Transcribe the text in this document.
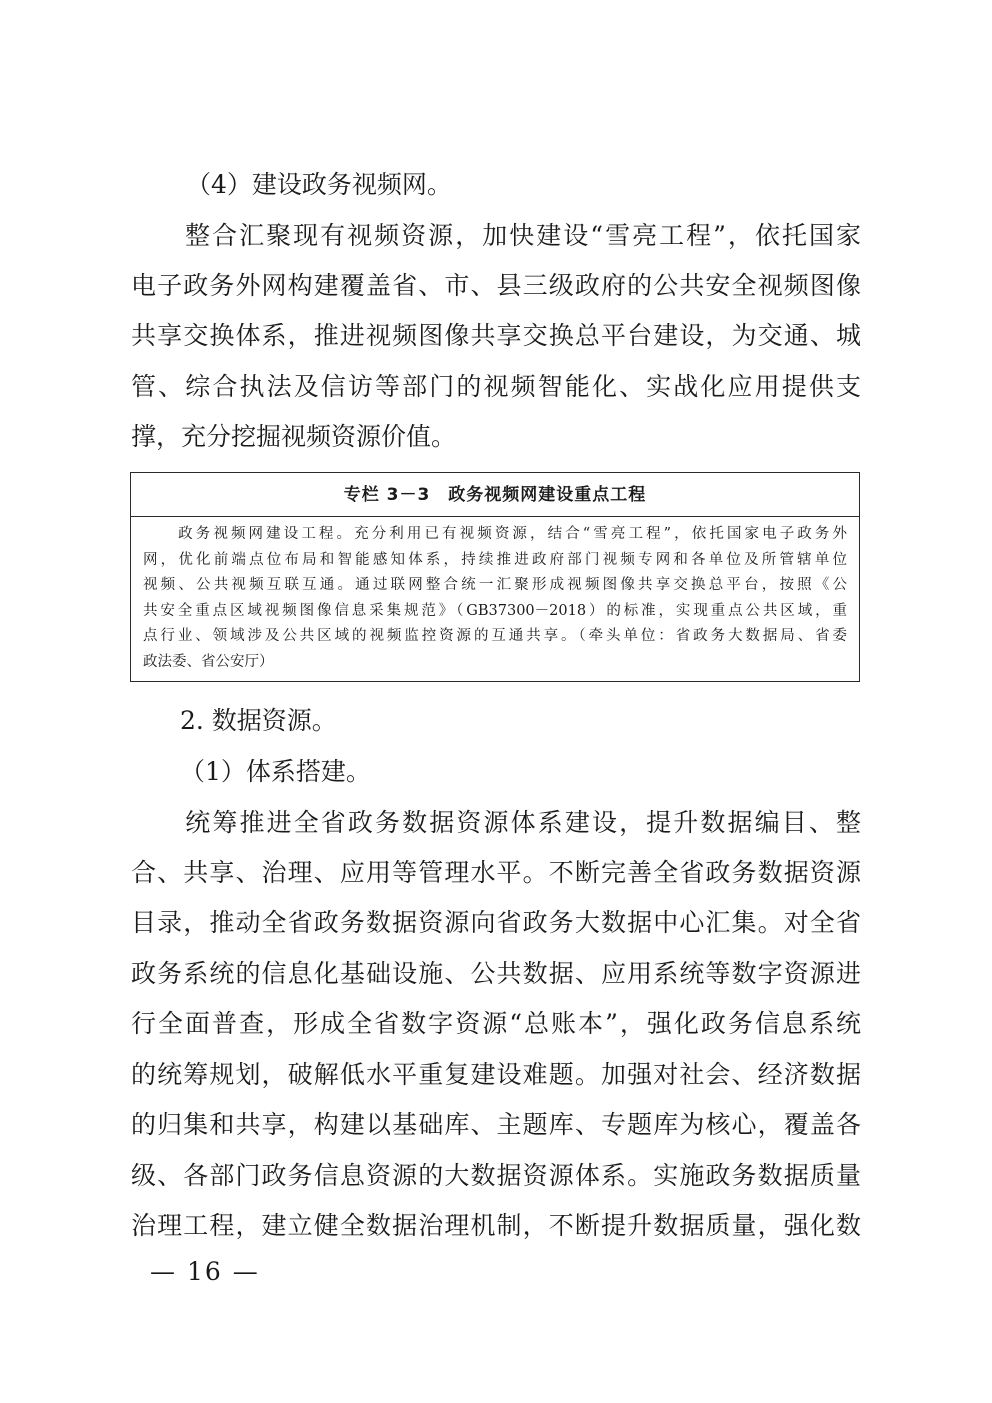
（4）建设政务视频网。
　　整合汇聚现有视频资源，加快建设“雪亮工程”，依托国家
电子政务外网构建覆盖省、市、县三级政府的公共安全视频图像
共享交换体系，推进视频图像共享交换总平台建设，为交通、城
管、综合执法及信访等部门的视频智能化、实战化应用提供支
撑，充分挖掘视频资源价值。
专栏 3－3　政务视频网建设重点工程
　　政务视频网建设工程。充分利用已有视频资源，结合“雪亮工程”，依托国家电子政务外
网，优化前端点位布局和智能感知体系，持续推进政府部门视频专网和各单位及所管辖单位
视频、公共视频互联互通。通过联网整合统一汇聚形成视频图像共享交换总平台，按照《公
共安全重点区域视频图像信息采集规范》（GB37300－2018）的标准，实现重点公共区域，重
点行业、领域涉及公共区域的视频监控资源的互通共享。（牵头单位：省政务大数据局、省委
政法委、省公安厅）
2. 数据资源。
（1）体系搭建。
　　统筹推进全省政务数据资源体系建设，提升数据编目、整
合、共享、治理、应用等管理水平。不断完善全省政务数据资源
目录，推动全省政务数据资源向省政务大数据中心汇集。对全省
政务系统的信息化基础设施、公共数据、应用系统等数字资源进
行全面普查，形成全省数字资源“总账本”，强化政务信息系统
的统筹规划，破解低水平重复建设难题。加强对社会、经济数据
的归集和共享，构建以基础库、主题库、专题库为核心，覆盖各
级、各部门政务信息资源的大数据资源体系。实施政务数据质量
治理工程，建立健全数据治理机制，不断提升数据质量，强化数
— 16 —
